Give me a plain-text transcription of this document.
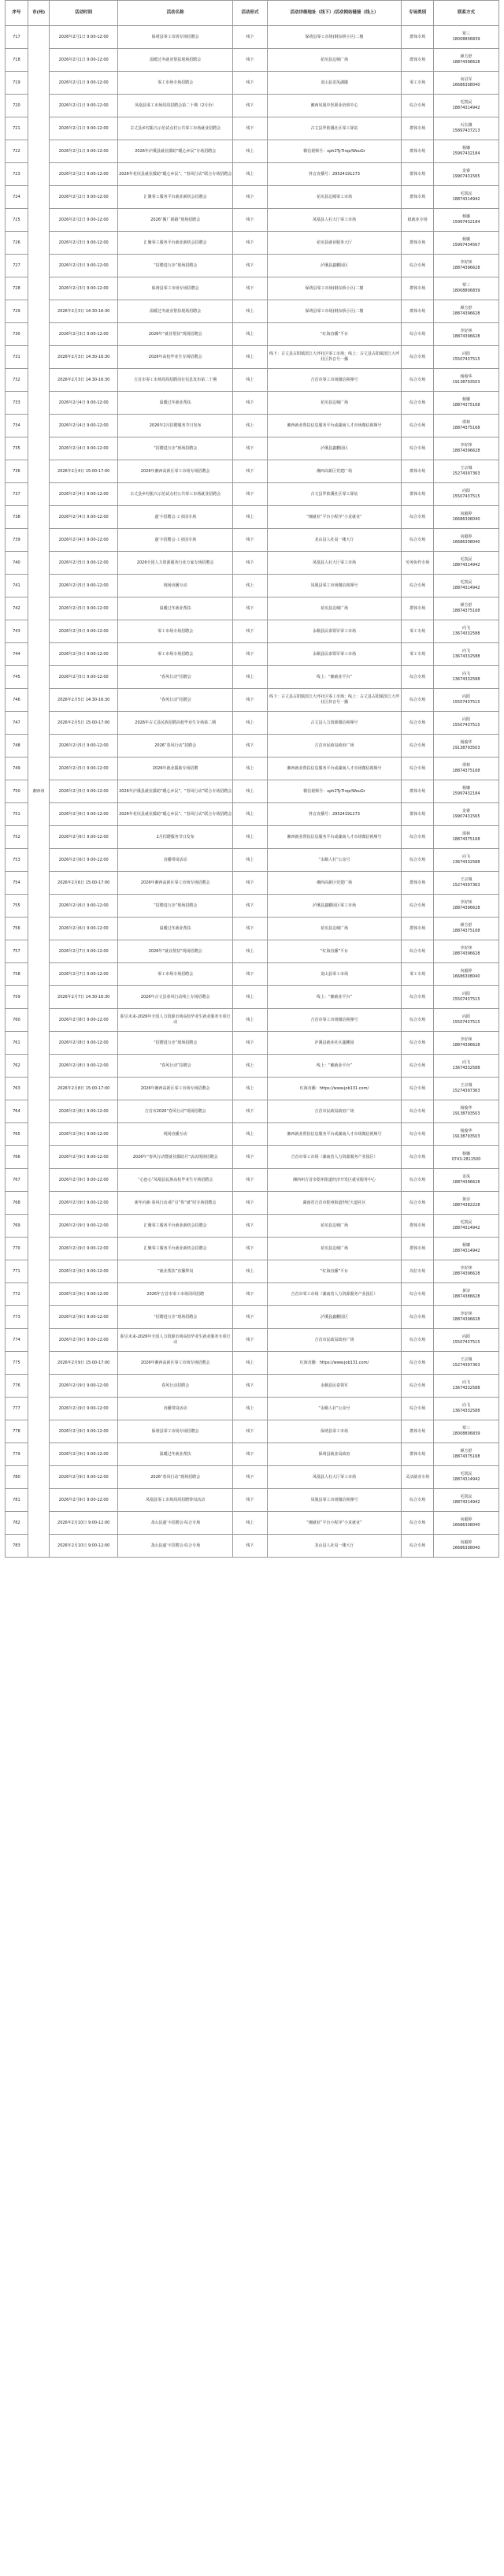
序号	市(州)	活动时间	活动名称	活动形式	活动详细地址（线下）/活动网站链接（线上）	专场类别	联系方式
717	湘西州	2026年2月1日 9:00-12:00	保靖县零工市场专场招聘会	线下	保靖县零工市场(钢东桥小区)二楼	群体专场	覃三
18008806839

718		2026年2月1日 9:00-12:00	温暖过冬就业帮扶现场招聘会	线下	花垣县边城广场	群体专场	颜方舒
18874396628

719		2026年2月1日 9:00-12:00	零工市场专场招聘会	线下	龙山县龙凤湖隧	零工专场	向启军
16686308040

720		2026年2月1日 9:00-12:00	凤凰县零工市场周周招聘会第二十期（2月份）	线下	湘西凤凰中医职业培训中心	综合专场	毛凯民
18874314942

721		2026年2月1日 9:00-12:00	古丈县乡村振兴示范试点村公共零工市场就业招聘会	线下	古丈县罗依溪社区零工驿站	群体专场	石长娥
15897437213

722		2026年2月1日 9:00-12:00	2026年泸溪县就业援助“暖心乡民”专场招聘会	线上	微信视频号：xph2Ty7Irqs/WouGr	群体专场	杨娜
15997432184

723		2026年2月2日 9:00-12:00	2026年花垣县就业援助“暖心乡民”、“春风行动”联合专场招聘会	线上	抖音直播号：29524191273	群体专场	龙睿
19907431565

724		2026年2月2日 9:00-12:00	汇聚零工服务平台就业新机会招聘会	线下	花垣县边城零工市场	群体专场	毛凯民
18874314942

725		2026年2月2日 9:00-12:00	2026“搬厂新路”现场招聘会	线下	凤凰县人社大厅零工市场	稳就业专场	杨娜
15997432184

726		2026年2月3日 9:00-12:00	汇聚零工服务平台就业新机会招聘会	线下	花垣县就业服务大厅	群体专场	杨娜
15997434567

727		2026年2月3日 9:00-12:00	“招聘进万企”现场招聘会	线下	泸溪县鑫鹏园区	综合专场	李好林
18874396628

728		2026年2月3日 9:00-12:00	保靖县零工市场专场招聘会	线下	保靖县零工市场(钢东桥小区)二楼	群体专场	覃三
18008806839

729		2026年2月3日 14:30-16:30	温暖过冬就业帮扶现场招聘会	线上	保靖县零工市场(钢东桥小区)二楼	群体专场	颜方舒
18874396628

730		2026年2月3日 9:00-12:00	2026年“就业帮扶”现场招聘会	线上	“红海直播”平台	综合专场	李好林
18874396628

731		2026年2月3日 14:30-16:30	2026年高校毕业生专场招聘会	线上	线下：古丈县古阳镇滨江大坪社区零工市场；线上：古丈县古阳镇滨江大坪社区抖音号一播	综合专场	向阳
15507437515

732		2026年2月3日 14:30-16:30	吉首市零工市场周周招聘岗位信息发布第二十期	线上	吉首市零工市场微信视频号	综合专场	杨俊华
19138793503

733		2026年2月4日 9:00-12:00	温暖过冬就业帮扶	线下	花垣县边城广场	综合专场	杨娜
18874375168

734		2026年2月4日 9:00-12:00	2026年2月招聘服务节日发布	线上	湘西就业帮扶信息服务平台或湖南人才市场微信视频号	综合专场	谭林
18874375168

735		2026年2月4日 9:00-12:00	“招聘进万企”现场招聘会	线下	泸溪县鑫鹏园区	综合专场	李好林
18874396628

736		2026年2月4日 15:00-17:00	2026年湘西高新区零工市场专场招聘会	线下	湘西高新区党建广场	群体专场	王宗城
15274397363

737		2026年2月4日 9:00-12:00	古丈县乡村振兴示范试点村公共零工市场就业招聘会	线下	古丈县罗依溪社区零工驿站	群体专场	向阳
15507437515

738		2026年2月4日 9:00-12:00	遂'卡招聘会·工业园专场	线上	“湘就业”平台小程序“小龙就业”	综合专场	向毅婷
16686308040

739		2026年2月4日 9:00-12:00	遂'卡招聘会·工业园专场	线下	龙山县人社局一楼大厅	综合专场	向毅婷
16686308040

740		2026年2月5日 9:00-12:00	2026全国人力资源服务行业万家专场招聘会	线下	凤凰县人社大厅零工市场	劳务协作专场	毛凯民
18874314942

741		2026年2月5日 9:00-12:00	现场直播互动	线上	凤凰县零工市场微信视频号	综合专场	毛凯民
18874314942

742		2026年2月5日 9:00-12:00	温暖过冬就业帮扶	线下	花垣县边城广场	群体专场	颜方舒
18874375168

743		2026年2月5日 9:00-12:00	零工市场专场招聘会	线下	永顺县民泰领军零工市场	零工专场	向飞
13674332588

744		2026年2月5日 9:00-12:00	零工市场专场招聘会	线下	永顺县民泰领军零工市场	零工专场	向飞
13674332588

745		2026年2月5日 9:00-12:00	“春风行动”招聘会	线上	线上：“湘就业平台”	综合专场	向飞
13674332588

746		2026年2月5日 14:30-16:30	“春风行动”招聘会	线下	线下：古丈县古阳镇滨江大坪社区零工市场；线上：古丈县古阳镇滨江大坪社区抖音号一播	综合专场	向阳
15507437515

747		2026年2月5日 15:00-17:00	2026年古丈县民族招聘高校毕业生专场第二期	线上	古丈县人力资源微信视频号	综合专场	向阳
15507437515

748		2026年2月5日 9:00-12:00	2026“春风行动”招聘会	线下	吉首市民政局政府广场	综合专场	杨俊华
19138793503

749		2026年2月5日 9:00-12:00	2026年就业援助专场招聘	线上	湘西就业帮扶信息服务平台或湖南人才市场微信视频号	综合专场	谭林
18874375168

750		2026年2月5日 9:00-12:00	2026年泸溪县就业援助“暖心乡民”、“春风行动”联合专场招聘会	线上	微信视频号：xph2Ty7Irqs/WouGr	群体专场	杨娜
15997432184

751		2026年2月6日 9:00-12:00	2026年花垣县就业援助“暖心乡民”、“春风行动”联合专场招聘会	线上	抖音直播号：29524191273	群体专场	龙睿
19907431565

752		2026年2月6日 9:00-12:00	2月招聘服务节日发布	线上	湘西就业帮扶信息服务平台或湖南人才市场微信视频号	综合专场	谭林
18874375168

753		2026年2月6日 9:00-12:00	直播带岗活动	线上	“永顺人社”公众号	综合专场	向飞
13674332588

754		2026年2月6日 15:00-17:00	2026年湘西高新区零工市场专场招聘会	线下	湘西高新区党建广场	群体专场	王宗城
15274397363

755		2026年2月6日 9:00-12:00	“招聘进万企”现场招聘会	线下	泸溪县鑫鹏园区零工市场	综合专场	李好林
18874396628

756		2026年2月6日 9:00-12:00	温暖过冬就业帮扶	线下	花垣县边城广场	群体专场	颜方舒
18874375168

757		2026年2月7日 9:00-12:00	2026年“就业帮扶”现场招聘会	线上	“红海直播”平台	综合专场	李好林
18874396628

758		2026年2月7日 9:00-12:00	零工市场专场招聘会	线下	龙山县零工市场	零工专场	向毅婷
16686308040

759		2026年2月7日 14:30-16:30	2026年古丈县春风行动线上专场招聘会	线上	线上：“湘就业平台”	综合专场	向阳
15507437515

760		2026年2月8日 9:00-12:00	职引未来-2026年全国人力资源市场高校毕业生就业服务专项行动	线上	吉首市零工市场微信视频号	综合专场	向阳
15507437515

761		2026年2月8日 9:00-12:00	“招聘进万企”现场招聘会	线下	泸溪县就业社区鑫鹏园	综合专场	李好林
18874396628

762		2026年2月8日 9:00-12:00	“春风行动”招聘会	线上	线上：“湘就业平台”	综合专场	向飞
13674332588

763		2026年2月8日 15:00-17:00	2026年湘西高新区零工市场专场招聘会	线上	红海直播：https://www.job131.com/	综合专场	王宗城
15274397363

764		2026年2月8日 9:00-12:00	吉首市2026“春风行动”现场招聘会	线下	吉首市民政局政府广场	综合专场	杨俊华
19138793503

765		2026年2月9日 9:00-12:00	现场直播互动	线上	湘西就业帮扶信息服务平台或湖南人才市场微信视频号	综合专场	杨俊华
19138793503

766		2026年2月9日 9:00-12:00	2026年“春风行动暨就业援助月”活动现场招聘会	线下	吉首市零工市场（湖南省人力资源服务产业园区）	综合专场	杨娜
0743-2811500

767		2026年2月9日 9:00-12:00	“心连心”凤凰县民族高校毕业生专场招聘会	线下	湘西州吉首市乾州街道经济开发区就业服务中心	综合专场	龙凤
18874396628

768		2026年2月9日 9:00-12:00	新年向新·春风行动·职“引”你“就”时专场招聘会	线下	湖南省吉首市乾州街道世纪大道社区	综合专场	黄诗
18874382228

769		2026年2月9日 9:00-12:00	汇聚零工服务平台就业新机会招聘会	线下	花垣县边城广场	群体专场	毛凯民
18874314942

770		2026年2月9日 9:00-12:00	汇聚零工服务平台就业新机会招聘会	线下	花垣县边城广场	群体专场	杨娜
18874314942

771		2026年2月9日 9:00-12:00	“就业帮扶”直播带岗	线上	“红海直播”平台	岗位专场	李好林
18874396628

772		2026年2月9日 9:00-12:00	2026年吉首市零工市场周周招聘	线下	吉首市零工市场（湖南省人力资源服务产业园区）	综合专场	黄诗
18874386628

773		2026年2月9日 9:00-12:00	“招聘进万企”现场招聘会	线下	泸溪县鑫鹏园区	综合专场	李好林
18874396628

774		2026年2月9日 9:00-12:00	职引未来-2026年全国人力资源市场高校毕业生就业服务专项行动	线下	吉首市民政局政府广场	综合专场	向阳
15507437515

775		2026年2月9日 15:00-17:00	2026年湘西高新区零工市场专场招聘会	线上	红海直播：https://www.job131.com/	综合专场	王宗城
15274397363

776		2026年2月9日 9:00-12:00	春风行动招聘会	线下	永顺县民泰领军	综合专场	向飞
13674332588

777		2026年2月9日 9:00-12:00	直播带岗活动	线上	“永顺人社”公众号	综合专场	向飞
13674332588

778		2026年2月9日 9:00-12:00	保靖县零工市场专场招聘会	线下	保靖县零工市场	群体专场	覃三
18008806839

779		2026年2月9日 9:00-12:00	温暖过冬就业帮扶	线下	保靖县就业局政府	群体专场	颜方舒
18874375168

780		2026年2月9日 9:00-12:00	2026“春风行动”现场招聘会	线下	凤凰县人社大厅零工市场	灵活就业专场	毛凯民
18874314942

781		2026年2月9日 9:00-12:00	凤凰县零工市场周周招聘带岗活动	线下	凤凰县零工市场微信视频号	综合专场	毛凯民
18874314942

782		2026年2月10日 9:00-12:00	龙山县遂'卡招聘会·综合专场	线上	“湘就业”平台小程序“小龙就业”	综合专场	向毅婷
16686308040

783		2026年2月10日 9:00-12:00	龙山县遂'卡招聘会·综合专场	线下	龙山县人社局一楼大厅	综合专场	向毅婷
16686308040
